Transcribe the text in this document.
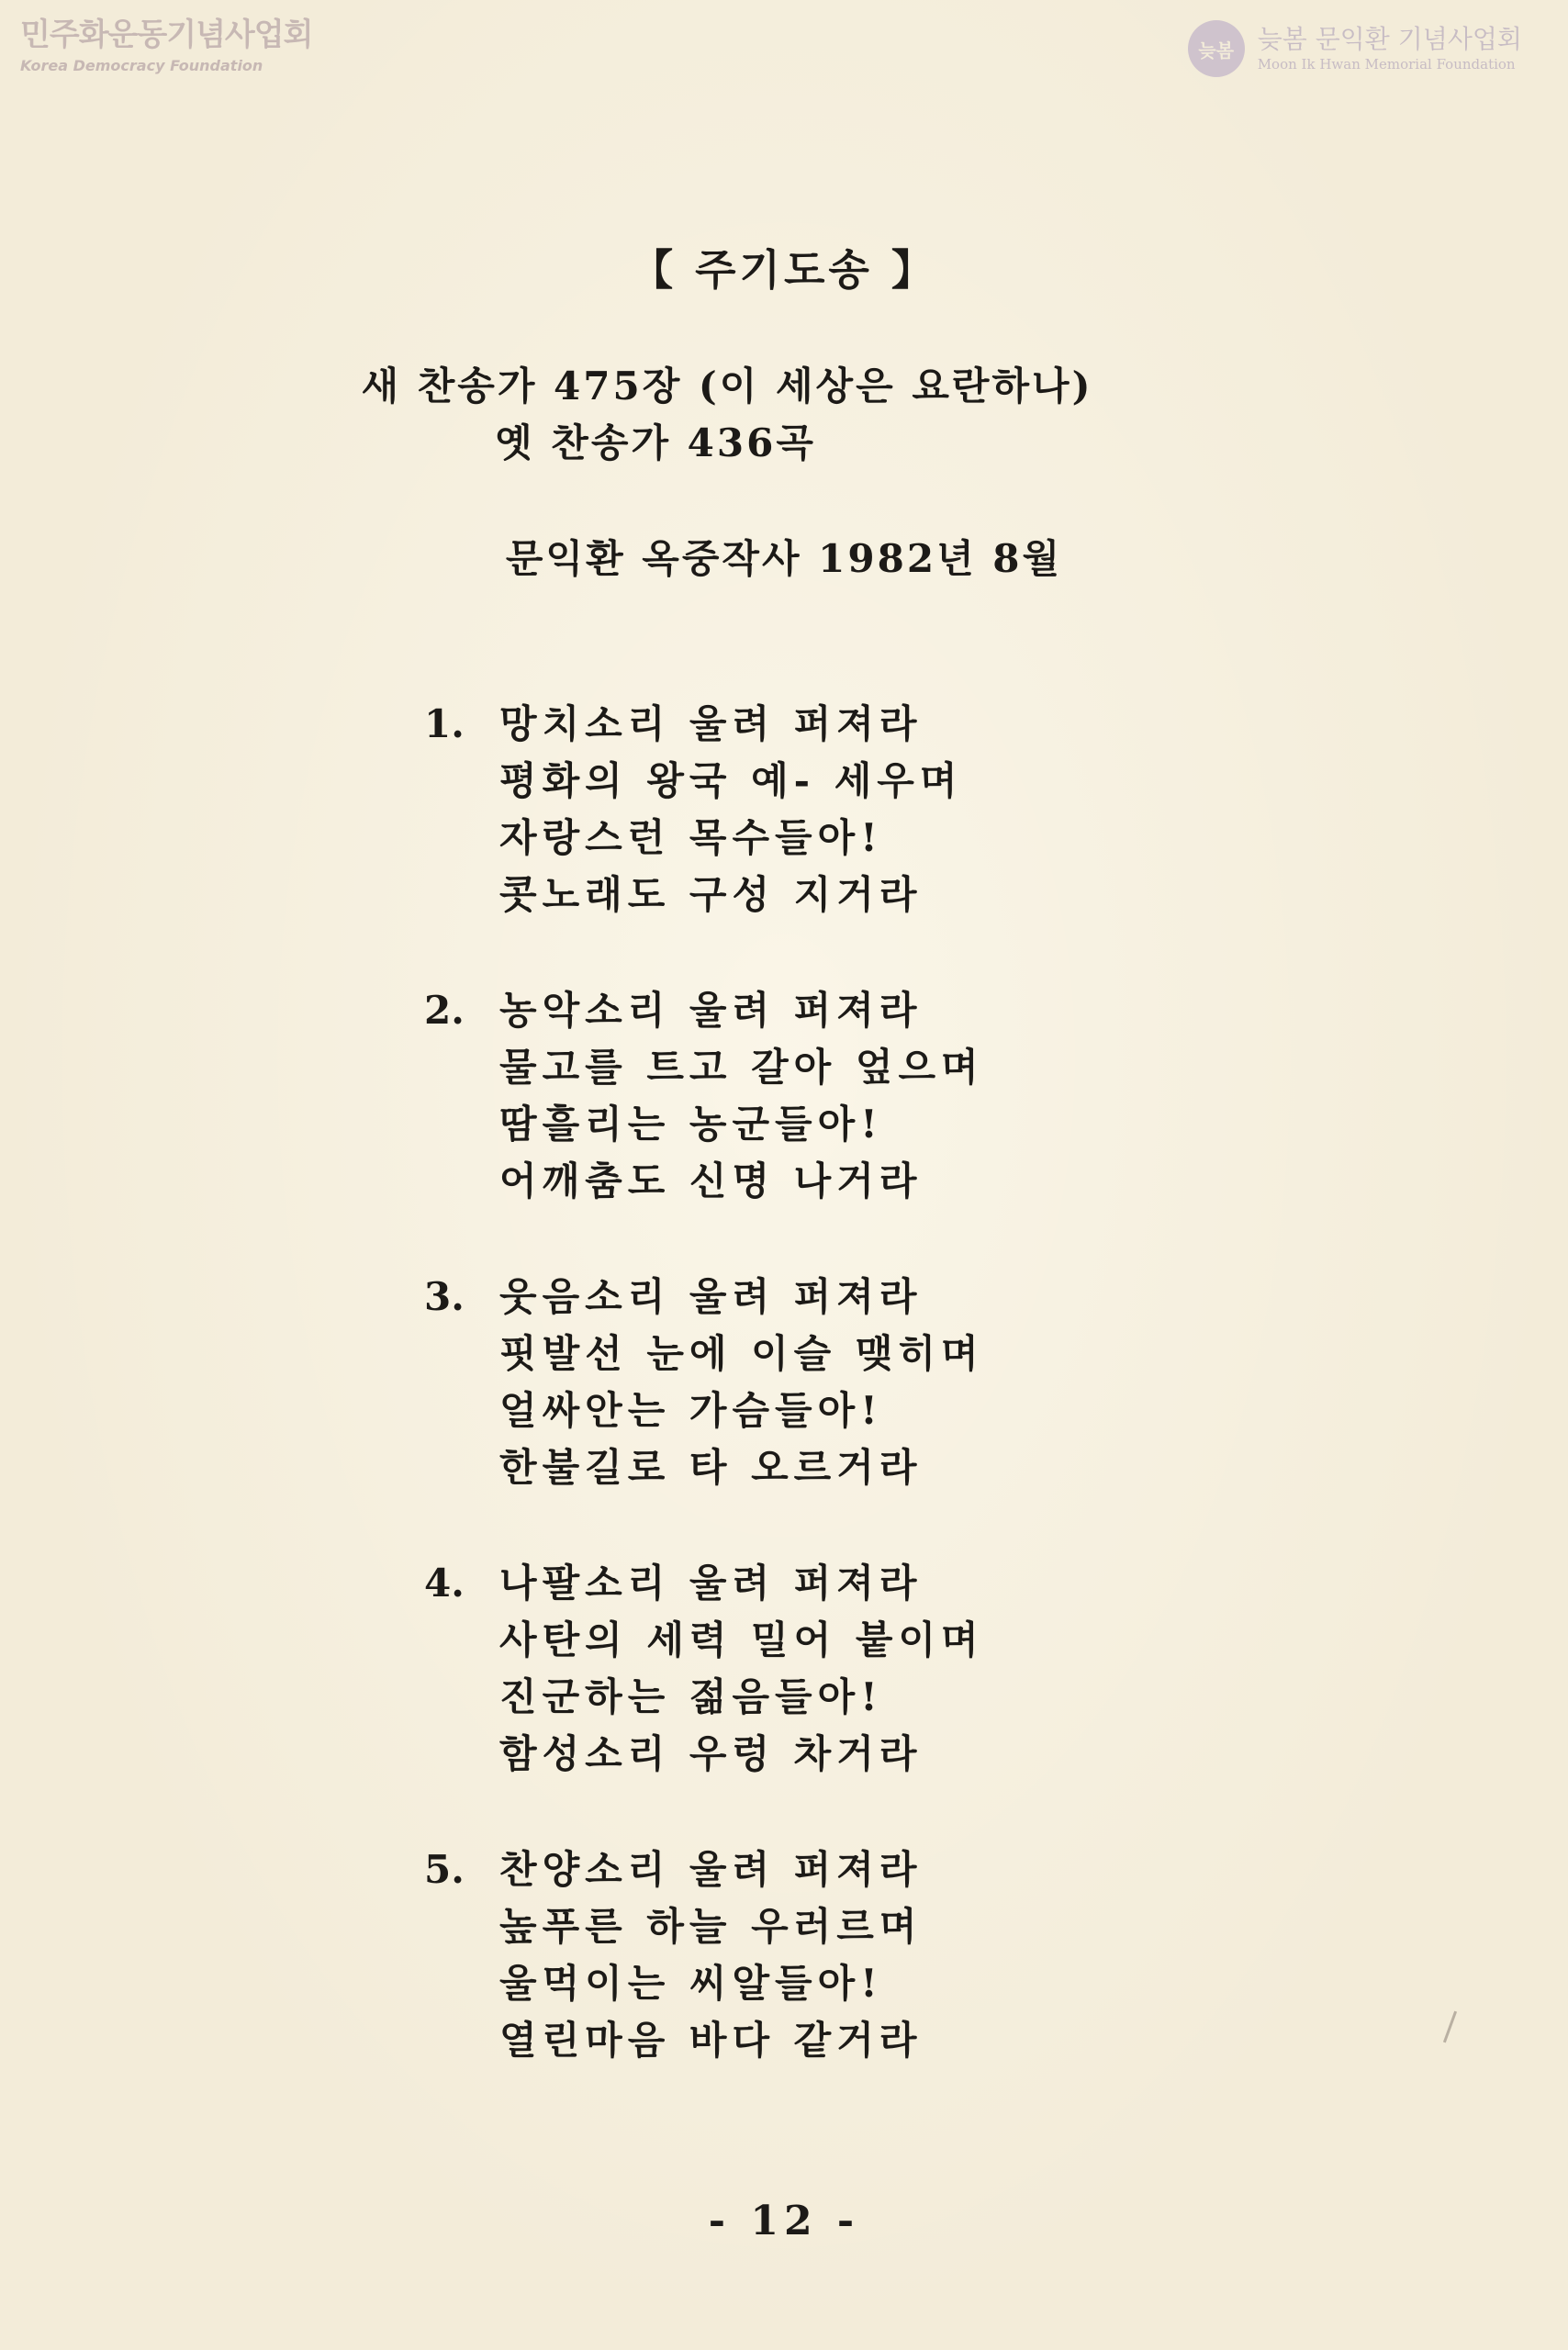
민주화운동기념사업회
Korea Democracy Foundation
늦봄 늦봄 문익환 기념사업회
Moon Ik Hwan Memorial Foundation
【 주기도송 】
새 찬송가 475장 (이 세상은 요란하나)
옛 찬송가 436곡
문익환 옥중작사 1982년 8월
1. 망치소리 울려 퍼져라
평화의 왕국 예- 세우며
자랑스런 목수들아!
콧노래도 구성 지거라
2. 농악소리 울려 퍼져라
물고를 트고 갈아 엎으며
땀흘리는 농군들아!
어깨춤도 신명 나거라
3. 웃음소리 울려 퍼져라
핏발선 눈에 이슬 맺히며
얼싸안는 가슴들아!
한불길로 타 오르거라
4. 나팔소리 울려 퍼져라
사탄의 세력 밀어 붙이며
진군하는 젊음들아!
함성소리 우렁 차거라
5. 찬양소리 울려 퍼져라
높푸른 하늘 우러르며
울먹이는 씨알들아!
열린마음 바다 같거라
- 12 -
